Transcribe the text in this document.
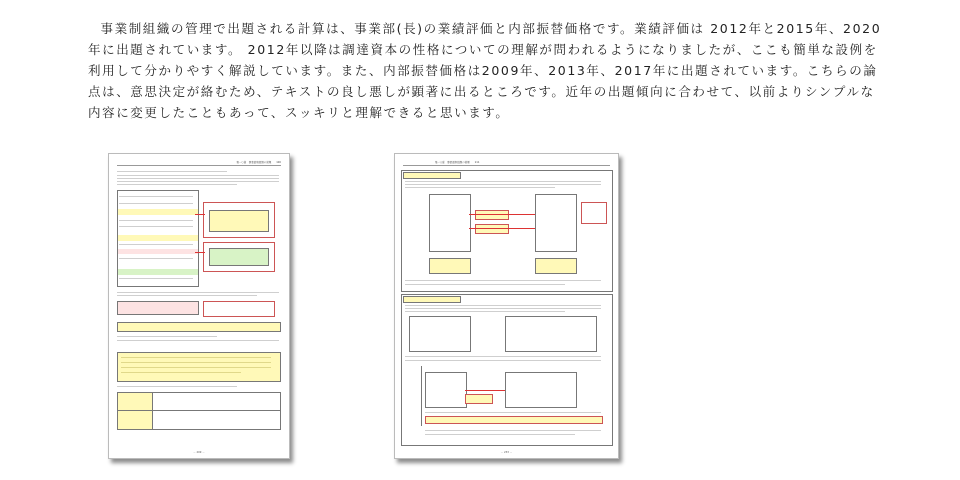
事業制組織の管理で出題される計算は、事業部(長)の業績評価と内部振替価格です。業績評価は 2012年と2015年、2020年に出題されています。 2012年以降は調達資本の性格についての理解が問われるようになりましたが、ここも簡単な設例を利用して分かりやすく解説しています。また、内部振替価格は2009年、2013年、2017年に出題されています。こちらの論点は、意思決定が絡むため、テキストの良し悪しが顕著に出るところです。近年の出題傾向に合わせて、以前よりシンプルな内容に変更したこともあって、スッキリと理解できると思います。

第一○章　事業部制組織の管理　　100
－ 209 －
第一○章　事業部制組織の管理　　111
－ 233 －
